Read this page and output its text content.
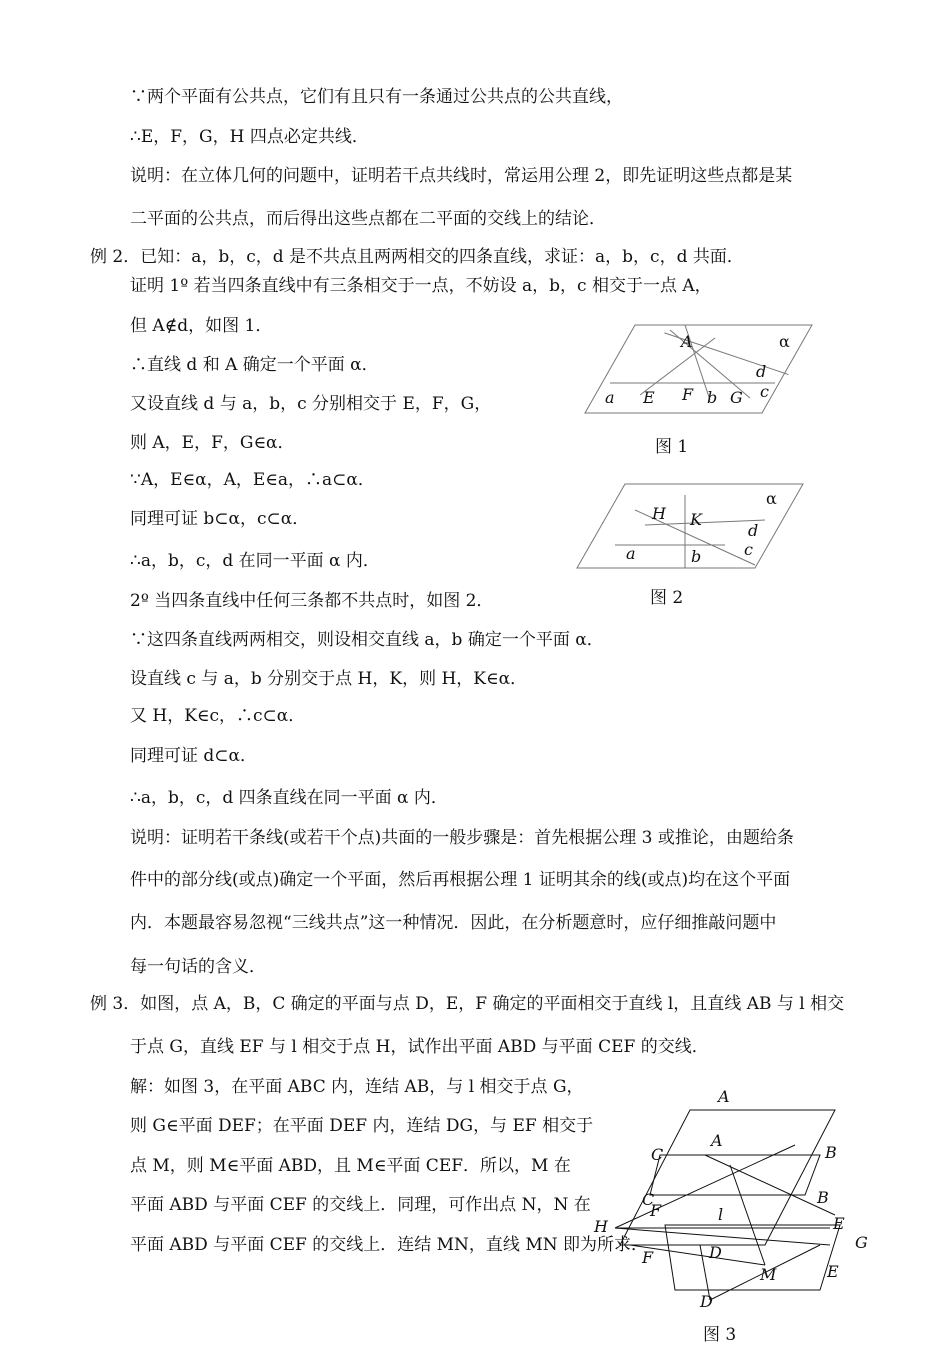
∵两个平面有公共点，它们有且只有一条通过公共点的公共直线，
∴E，F，G，H 四点必定共线．
说明：在立体几何的问题中，证明若干点共线时，常运用公理 2，即先证明这些点都是某
二平面的公共点，而后得出这些点都在二平面的交线上的结论．
例 2．已知：a，b，c，d 是不共点且两两相交的四条直线，求证：a，b，c，d 共面．
证明 1º 若当四条直线中有三条相交于一点，不妨设 a，b，c 相交于一点 A，
但 A∉d，如图 1．
∴直线 d 和 A 确定一个平面 α．
又设直线 d 与 a，b，c 分别相交于 E，F，G，
则 A，E，F，G∈α．
∵A，E∈α，A，E∈a，∴a⊂α．
同理可证 b⊂α，c⊂α．
∴a，b，c，d 在同一平面 α 内．
2º 当四条直线中任何三条都不共点时，如图 2．
∵这四条直线两两相交，则设相交直线 a，b 确定一个平面 α．
设直线 c 与 a，b 分别交于点 H，K，则 H，K∈α．
又 H，K∈c，∴c⊂α．
同理可证 d⊂α．
∴a，b，c，d 四条直线在同一平面 α 内．
说明：证明若干条线(或若干个点)共面的一般步骤是：首先根据公理 3 或推论，由题给条
件中的部分线(或点)确定一个平面，然后再根据公理 1 证明其余的线(或点)均在这个平面
内．本题最容易忽视“三线共点”这一种情况．因此，在分析题意时，应仔细推敲问题中
每一句话的含义．
例 3．如图，点 A，B，C 确定的平面与点 D，E，F 确定的平面相交于直线 l，且直线 AB 与 l 相交
于点 G，直线 EF 与 l 相交于点 H，试作出平面 ABD 与平面 CEF 的交线．
解：如图 3，在平面 ABC 内，连结 AB，与 l 相交于点 G，
则 G∈平面 DEF；在平面 DEF 内，连结 DG，与 EF 相交于
点 M，则 M∈平面 ABD，且 M∈平面 CEF．所以，M 在
平面 ABD 与平面 CEF 的交线上．同理，可作出点 N，N 在
平面 ABD 与平面 CEF 的交线上．连结 MN，直线 MN 即为所求．
A
d
c
a E F b G
α
图 1
H K
d
c
a	b
α
图 2
A
A
C	B
C	B
F	l	E
H
G
D
F
M	E
D
图 3
